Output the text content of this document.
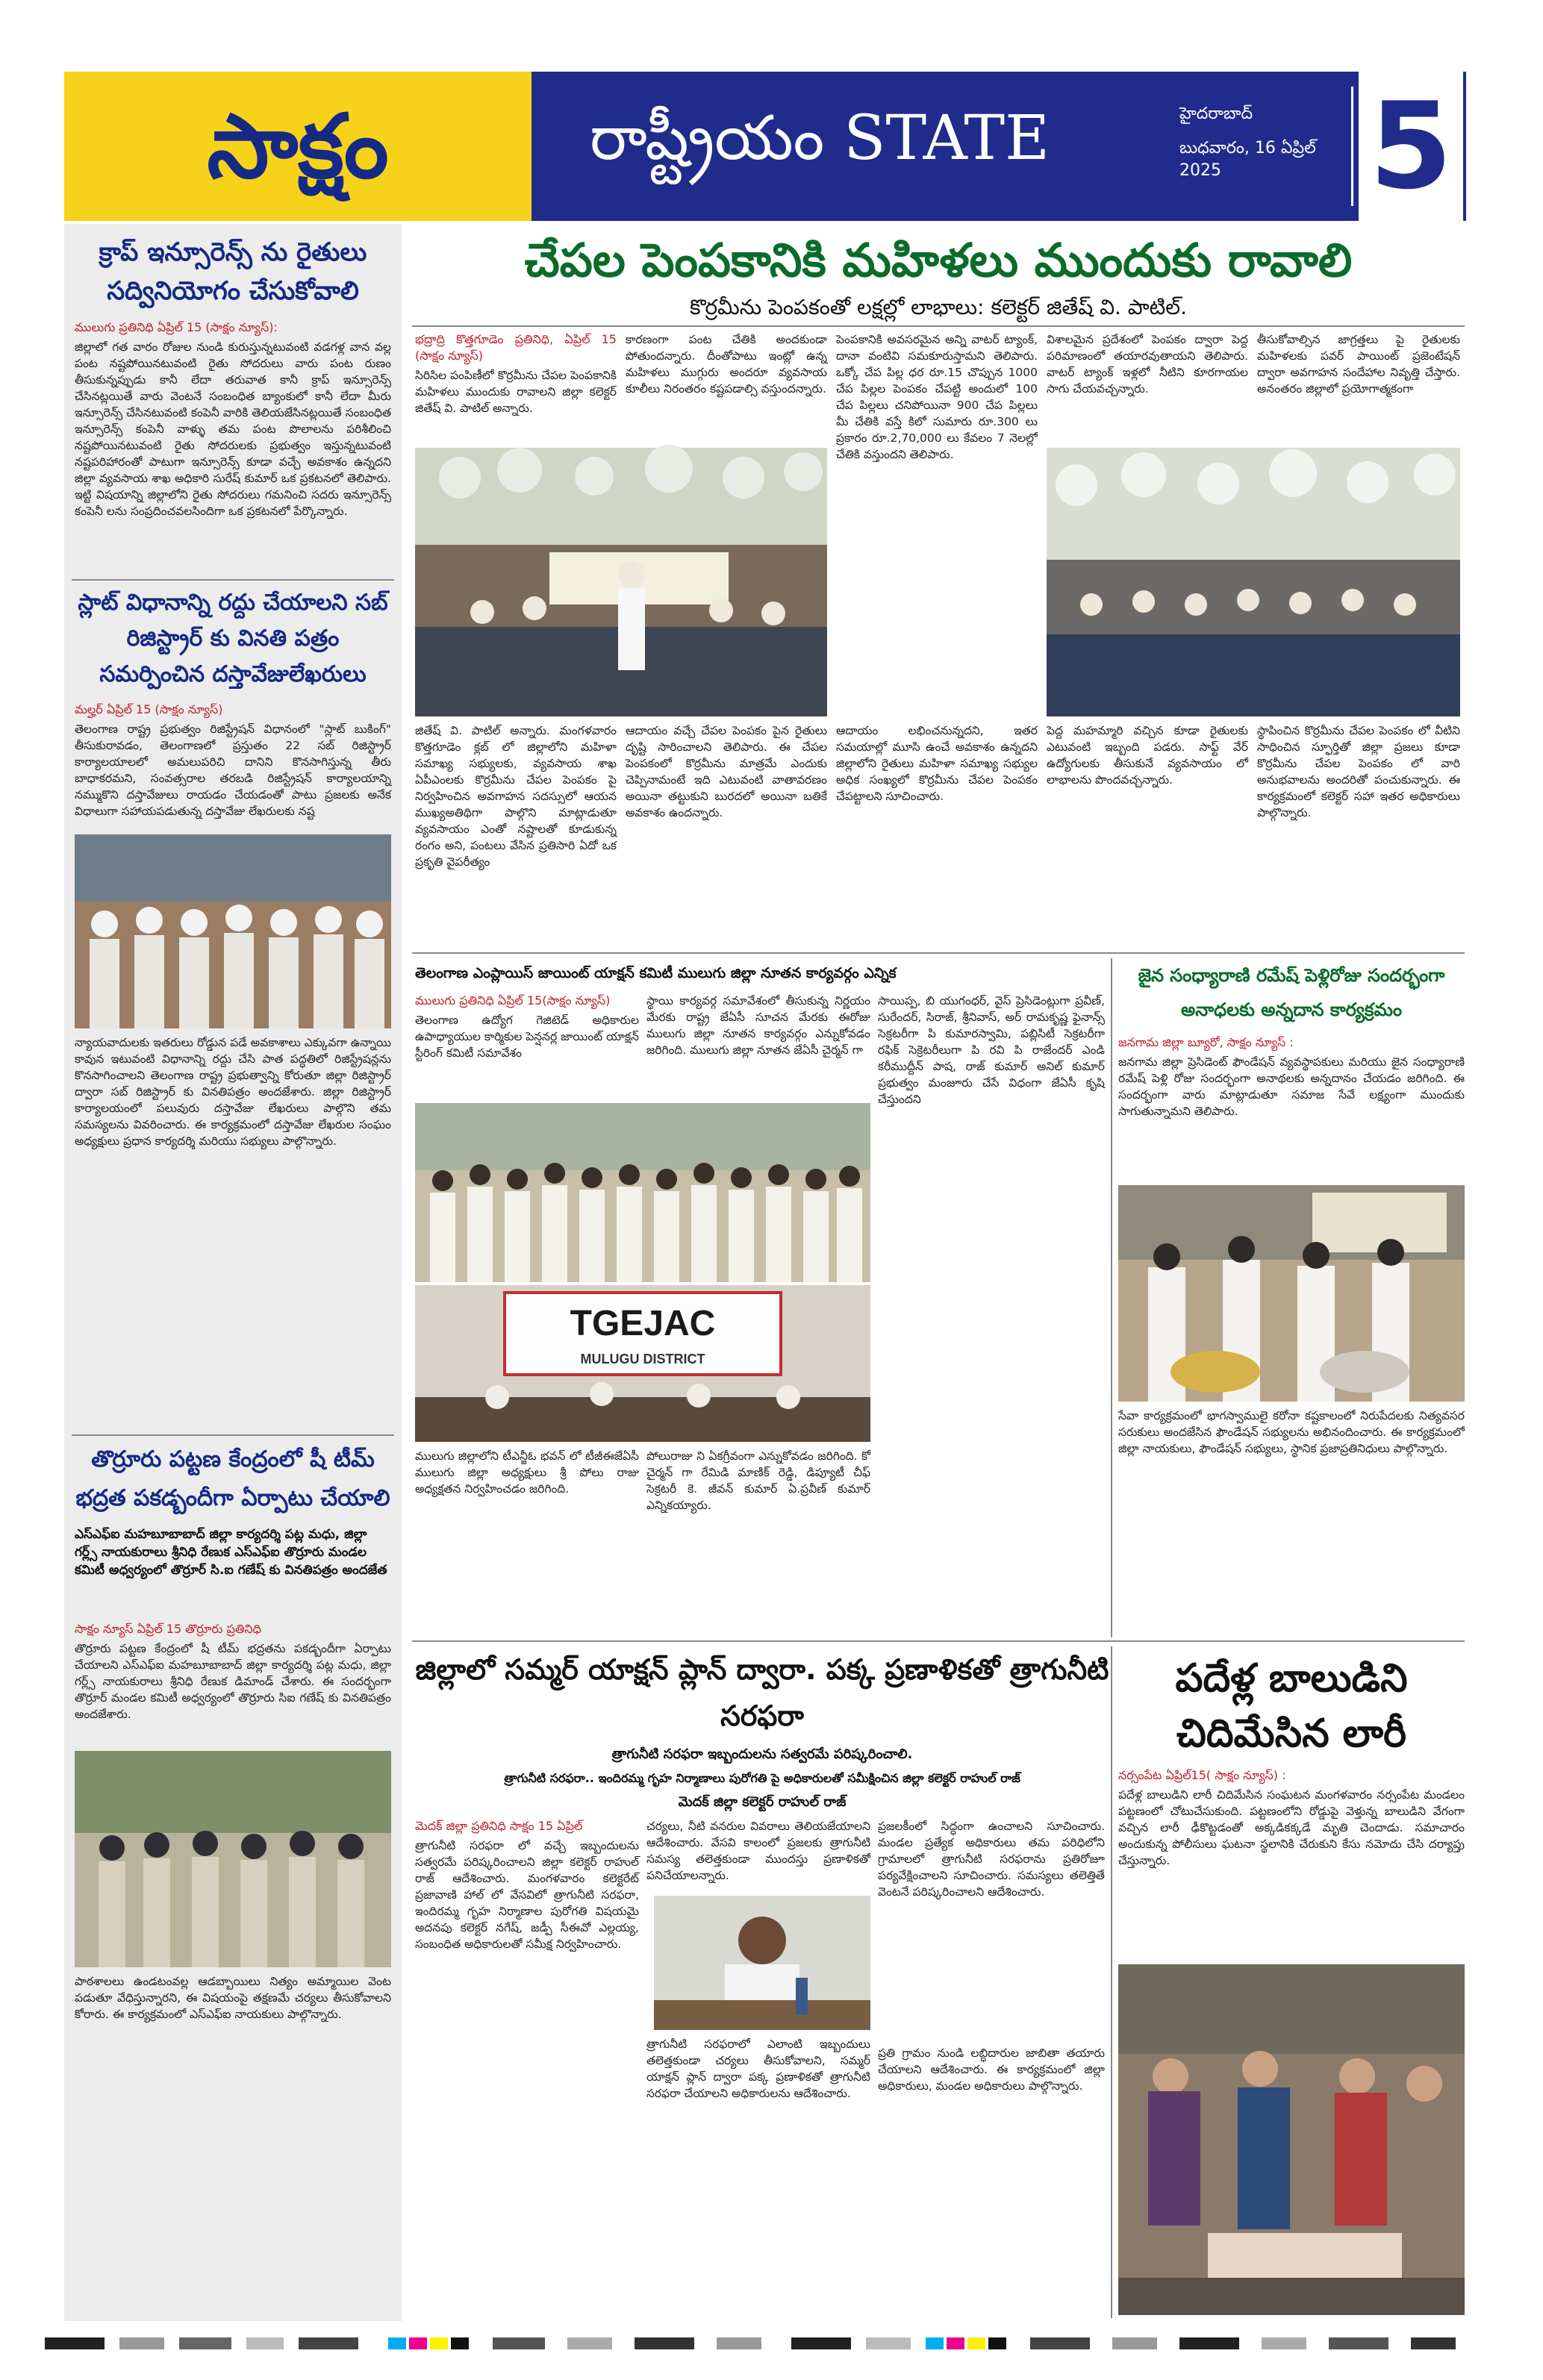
సాక్షం	రాష్ట్రీయం STATE	హైదరాబాద్
బుధవారం, 16 ఏప్రిల్ 2025	5
క్రాప్ ఇన్సూరెన్స్ ను రైతులు సద్వినియోగం చేసుకోవాలి
ములుగు ప్రతినిధి ఏప్రిల్ 15 (సాక్షం న్యూస్):
జిల్లాలో గత వారం రోజుల నుండి కురుస్తున్నటువంటి వడగళ్ల వాన వల్ల పంట నష్టపోయినటువంటి రైతు సోదరులు వారు పంట రుణం తీసుకున్నప్పుడు కానీ లేదా తరువాత కానీ క్రాప్ ఇన్సూరెన్స్ చేసినట్లయితే వారు వెంటనే సంబంధిత బ్యాంకులో కానీ లేదా మీరు ఇన్సూరెన్స్ చేసినటువంటి కంపెనీ వారికి తెలియజేసినట్లయితే సంబంధిత ఇన్సూరెన్స్ కంపెనీ వాళ్ళు తమ పంట పొలాలను పరిశీలించి నష్టపోయినటువంటి రైతు సోదరులకు ప్రభుత్వం ఇస్తున్నటువంటి నష్టపరిహారంతో పాటుగా ఇన్సూరెన్స్ కూడా వచ్చే అవకాశం ఉన్నదని జిల్లా వ్యవసాయ శాఖ అధికారి సురేష్ కుమార్ ఒక ప్రకటనలో తెలిపారు. ఇట్టి విషయాన్ని జిల్లాలోని రైతు సోదరులు గమనించి సదరు ఇన్సూరెన్స్ కంపెనీ లను సంప్రదించవలసిందిగా ఒక ప్రకటనలో పేర్కొన్నారు.
స్లాట్ విధానాన్ని రద్దు చేయాలని సబ్ రిజిస్ట్రార్ కు వినతి పత్రం సమర్పించిన దస్తావేజులేఖరులు
మల్హర్ ఏప్రిల్ 15 (సాక్షం న్యూస్)
తెలంగాణ రాష్ట్ర ప్రభుత్వం రిజిస్ట్రేషన్ విధానంలో "స్లాట్ బుకింగ్" తీసుకురావడం, తెలంగాణలో ప్రస్తుతం 22 సబ్ రిజిస్ట్రార్ కార్యాలయాలలో అమలుపరిచి దానిని కొనసాగిస్తున్న తీరు బాధాకరమని, సంవత్సరాల తరబడి రిజిస్ట్రేషన్ కార్యాలయాన్ని నమ్ముకొని దస్తావేజులు రాయడం చేయడంతో పాటు ప్రజలకు అనేక విధాలుగా సహాయపడుతున్న దస్తావేజు లేఖరులకు నష్ట
న్యాయవాదులకు ఇతరులు రోడ్డున పడే అవకాశాలు ఎక్కువగా ఉన్నాయి కావున ఇటువంటి విధానాన్ని రద్దు చేసి పాత పద్ధతిలో రిజిస్ట్రేషన్లను కొనసాగించాలని తెలంగాణ రాష్ట్ర ప్రభుత్వాన్ని కోరుతూ జిల్లా రిజిస్ట్రార్ ద్వారా సబ్ రిజిస్ట్రార్ కు వినతిపత్రం అందజేశారు. జిల్లా రిజిస్ట్రార్ కార్యాలయంలో పలువురు దస్తావేజు లేఖరులు పాల్గొని తమ సమస్యలను వివరించారు. ఈ కార్యక్రమంలో దస్తావేజు లేఖరుల సంఘం అధ్యక్షులు ప్రధాన కార్యదర్శి మరియు సభ్యులు పాల్గొన్నారు.
తొర్రూరు పట్టణ కేంద్రంలో షీ టీమ్ భద్రత పకడ్బందీగా ఏర్పాటు చేయాలి
ఎస్ఎఫ్ఐ మహబూబాబాద్ జిల్లా కార్యదర్శి పట్ల మధు, జిల్లా గర్ల్స్ నాయకురాలు శ్రీనిధి రేణుక ఎస్ఎఫ్ఐ తొర్రూరు మండల కమిటీ అధ్వర్యంలో తొర్రూర్ సి.ఐ గణేష్ కు వినతిపత్రం అందజేత
సాక్షం న్యూస్ ఏప్రిల్ 15 తొర్రూరు ప్రతినిధి
తొర్రూరు పట్టణ కేంద్రంలో షీ టీమ్ భద్రతను పకడ్బందీగా ఏర్పాటు చేయాలని ఎస్ఎఫ్ఐ మహబూబాబాద్ జిల్లా కార్యదర్శి పట్ల మధు, జిల్లా గర్ల్స్ నాయకురాలు శ్రీనిధి రేణుక డిమాండ్ చేశారు. ఈ సందర్భంగా తొర్రూర్ మండల కమిటీ అధ్వర్యంలో తొర్రూరు సిఐ గణేష్ కు వినతిపత్రం అందజేశారు.
పాఠశాలలు ఉండటంవల్ల ఆడబ్బాయిలు నిత్యం అమ్మాయిల వెంట పడుతూ వేధిస్తున్నారని, ఈ విషయంపై తక్షణమే చర్యలు తీసుకోవాలని కోరారు. ఈ కార్యక్రమంలో ఎస్ఎఫ్ఐ నాయకులు పాల్గొన్నారు.
చేపల పెంపకానికి మహిళలు ముందుకు రావాలి
కొర్రమీను పెంపకంతో లక్షల్లో లాభాలు: కలెక్టర్ జితేష్ వి. పాటిల్.
భద్రాద్రి కొత్తగూడెం ప్రతినిధి, ఏప్రిల్ 15 (సాక్షం న్యూస్)
సిరిసిల పంపిణీలో కొర్రమీను చేపల పెంపకానికి మహిళలు ముందుకు రావాలని జిల్లా కలెక్టర్ జితేష్ వి. పాటిల్ అన్నారు.
కారణంగా పంట చేతికి అందకుండా పోతుందన్నారు. దీంతోపాటు ఇంట్లో ఉన్న మహిళలు ముగ్గురు అందరూ వ్యవసాయ కూలీలు నిరంతరం కష్టపడాల్సి వస్తుందన్నారు.
పెంపకానికి అవసరమైన అన్ని వాటర్ ట్యాంక్, దానా వంటివి సమకూరుస్తామని తెలిపారు. ఒక్కో చేప పిల్ల ధర రూ.15 చొప్పున 1000 చేప పిల్లల పెంపకం చేపట్టి అందులో 100 చేప పిల్లలు చనిపోయినా 900 చేప పిల్లలు మీ చేతికి వస్తే కిలో సుమారు రూ.300 లు ప్రకారం రూ.2,70,000 లు కేవలం 7 నెలల్లో చేతికి వస్తుందని తెలిపారు.
విశాలమైన ప్రదేశంలో పెంపకం ద్వారా పెద్ద పరిమాణంలో తయారవుతాయని తెలిపారు. వాటర్ ట్యాంక్ ఇళ్లలో నీటిని కూరగాయల సాగు చేయవచ్చన్నారు.
తీసుకోవాల్సిన జాగ్రత్తలు పై రైతులకు మహిళలకు పవర్ పాయింట్ ప్రజెంటేషన్ ద్వారా అవగాహన సందేహాల నివృత్తి చేస్తారు. అనంతరం జిల్లాలో ప్రయోగాత్మకంగా
జితేష్ వి. పాటిల్ అన్నారు. మంగళవారం కొత్తగూడెం క్లబ్ లో జిల్లాలోని మహిళా సమాఖ్య సభ్యులకు, వ్యవసాయ శాఖ ఏపీఎంలకు కొర్రమీను చేపల పెంపకం పై నిర్వహించిన అవగాహన సదస్సులో ఆయన ముఖ్యఅతిథిగా పాల్గొని మాట్లాడుతూ వ్యవసాయం ఎంతో నష్టాలతో కూడుకున్న రంగం అని, పంటలు వేసిన ప్రతిసారి ఏదో ఒక ప్రకృతి వైపరీత్యం
ఆదాయం వచ్చే చేపల పెంపకం పైన రైతులు దృష్టి సారించాలని తెలిపారు. ఈ చేపల పెంపకంలో కొర్రమీను మాత్రమే ఎందుకు చెప్పినామంటే ఇది ఎటువంటి వాతావరణం అయినా తట్టుకుని బురదలో అయినా బతికే అవకాశం ఉందన్నారు.
ఆదాయం లభించనున్నదని, ఇతర సమయాల్లో మూసి ఉంచే అవకాశం ఉన్నదని జిల్లాలోని రైతులు మహిళా సమాఖ్య సభ్యుల అధిక సంఖ్యలో కొర్రమీను చేపల పెంపకం చేపట్టాలని సూచించారు.
పెద్ద మహమ్మారి వచ్చిన కూడా రైతులకు ఎటువంటి ఇబ్బంది పడరు. సాఫ్ట్ వేర్ ఉద్యోగులకు తీసుకునే వ్యవసాయం లో లాభాలను పొందవచ్చన్నారు.
స్థాపించిన కొర్రమీను చేపల పెంపకం లో వీటిని సాధించిన స్ఫూర్తితో జిల్లా ప్రజలు కూడా కొర్రమీను చేపల పెంపకం లో వారి అనుభవాలను అందరితో పంచుకున్నారు. ఈ కార్యక్రమంలో కలెక్టర్ సహా ఇతర అధికారులు పాల్గొన్నారు.
తెలంగాణ ఎంప్లాయిస్ జాయింట్ యాక్షన్ కమిటీ ములుగు జిల్లా నూతన కార్యవర్గం ఎన్నిక
ములుగు ప్రతినిధి ఏప్రిల్ 15(సాక్షం న్యూస్)
తెలంగాణ ఉద్యోగ గెజిటెడ్ అధికారుల ఉపాధ్యాయుల కార్మికుల పెన్షనర్ల జాయింట్ యాక్షన్ స్టీరింగ్ కమిటీ సమావేశం
స్థాయి కార్యవర్గ సమావేశంలో తీసుకున్న నిర్ణయం మేరకు రాష్ట్ర జేఏసీ సూచన మేరకు ఈరోజు ములుగు జిల్లా నూతన కార్యవర్గం ఎన్నుకోవడం జరిగింది. ములుగు జిల్లా నూతన జేఏసీ చైర్మన్ గా
సాయిప్ప, బి యుగంధర్, వైస్ ప్రెసిడెంట్లుగా ప్రవీణ్, సురేందర్, సిరాజ్, శ్రీనివాస్, అర్ రామకృష్ణ ఫైనాన్స్ సెక్రటరీగా పి కుమారస్వామి, పబ్లిసిటీ సెక్రటరీగా రఫిక్ సెక్రెటరీలుగా పి రవి పి రాజేందర్ ఎండి కరీముద్దీన్ పాష, రాజ్ కుమార్ అనిల్ కుమార్ ప్రభుత్వం మంజూరు చేసే విధంగా జేఏసీ కృషి చేస్తుందని
TGEJAC
MULUGU DISTRICT
ములుగు జిల్లాలోని టీఎన్జీఓ భవన్ లో టీజీఈజేఏసీ ములుగు జిల్లా అధ్యక్షులు శ్రీ పోలు రాజు అధ్యక్షతన నిర్వహించడం జరిగింది.
పోలురాజు ని ఏకగ్రీవంగా ఎన్నుకోవడం జరిగింది. కో చైర్మన్ గా రేమిడి మాణిక్ రెడ్డి, డిప్యూటీ చీఫ్ సెక్రటరీ కె. జీవన్ కుమార్ ఏ.ప్రవీణ్ కుమార్ ఎన్నికయ్యారు.
జైన సంధ్యారాణి రమేష్ పెళ్లిరోజు సందర్భంగా అనాధలకు అన్నదాన కార్యక్రమం
జనగామ జిల్లా బ్యూరో, సాక్షం న్యూస్ :
జనగామ జిల్లా ప్రెసిడెంట్ ఫౌండేషన్ వ్యవస్థాపకులు మరియు జైన సంధ్యారాణి రమేష్ పెళ్లి రోజు సందర్భంగా అనాథలకు అన్నదానం చేయడం జరిగింది. ఈ సందర్భంగా వారు మాట్లాడుతూ సమాజ సేవే లక్ష్యంగా ముందుకు సాగుతున్నామని తెలిపారు.
సేవా కార్యక్రమంలో భాగస్వాములై కరోనా కష్టకాలంలో నిరుపేదలకు నిత్యవసర సరుకులు అందజేసిన ఫౌండేషన్ సభ్యులను అభినందించారు. ఈ కార్యక్రమంలో జిల్లా నాయకులు, ఫౌండేషన్ సభ్యులు, స్థానిక ప్రజాప్రతినిధులు పాల్గొన్నారు.
జిల్లాలో సమ్మర్ యాక్షన్ ప్లాన్ ద్వారా. పక్క ప్రణాళికతో త్రాగునీటి సరఫరా
త్రాగునీటి సరఫరా ఇబ్బందులను సత్వరమే పరిష్కరించాలి.
త్రాగునీటి సరఫరా.. ఇందిరమ్మ గృహ నిర్మాణాలు పురోగతి పై అధికారులతో సమీక్షించిన జిల్లా కలెక్టర్ రాహుల్ రాజ్
మెదక్ జిల్లా కలెక్టర్ రాహుల్ రాజ్
మెదక్ జిల్లా ప్రతినిధి సాక్షం 15 ఏప్రిల్
త్రాగునీటి సరఫరా లో వచ్చే ఇబ్బందులను సత్వరమే పరిష్కరించాలని జిల్లా కలెక్టర్ రాహుల్ రాజ్ ఆదేశించారు. మంగళవారం కలెక్టరేట్ ప్రజావాణి హాల్ లో వేసవిలో త్రాగునీటి సరఫరా, ఇందిరమ్మ గృహ నిర్మాణాల పురోగతి విషయమై అదనపు కలెక్టర్ నగేష్, జడ్పీ సీఈవో ఎల్లయ్య, సంబంధిత అధికారులతో సమీక్ష నిర్వహించారు.
చర్యలు, నీటి వనరుల వివరాలు తెలియజేయాలని ఆదేశించారు. వేసవి కాలంలో ప్రజలకు త్రాగునీటి సమస్య తలెత్తకుండా ముందస్తు ప్రణాళికతో పనిచేయాలన్నారు.
ప్రజలకీంలో సిద్ధంగా ఉంచాలని సూచించారు. మండల ప్రత్యేక అధికారులు తమ పరిధిలోని గ్రామాలలో త్రాగునీటి సరఫరాను ప్రతిరోజూ పర్యవేక్షించాలని సూచించారు. సమస్యలు తలెత్తితే వెంటనే పరిష్కరించాలని ఆదేశించారు.
త్రాగునీటి సరఫరాలో ఎలాంటి ఇబ్బందులు తలెత్తకుండా చర్యలు తీసుకోవాలని, సమ్మర్ యాక్షన్ ప్లాన్ ద్వారా పక్క ప్రణాళికతో త్రాగునీటి సరఫరా చేయాలని అధికారులను ఆదేశించారు.
ప్రతి గ్రామం నుండి లబ్ధిదారుల జాబితా తయారు చేయాలని ఆదేశించారు. ఈ కార్యక్రమంలో జిల్లా అధికారులు, మండల అధికారులు పాల్గొన్నారు.
పదేళ్ల బాలుడిని చిదిమేసిన లారీ
నర్సంపేట ఏప్రిల్15( సాక్షం న్యూస్) :
పదేళ్ల బాలుడిని లారీ చిదిమేసిన సంఘటన మంగళవారం నర్సంపేట మండలం పట్టణంలో చోటుచేసుకుంది. పట్టణంలోని రోడ్డుపై వెళ్తున్న బాలుడిని వేగంగా వచ్చిన లారీ ఢీకొట్టడంతో అక్కడికక్కడే మృతి చెందాడు. సమాచారం అందుకున్న పోలీసులు ఘటనా స్థలానికి చేరుకుని కేసు నమోదు చేసి దర్యాప్తు చేస్తున్నారు.
